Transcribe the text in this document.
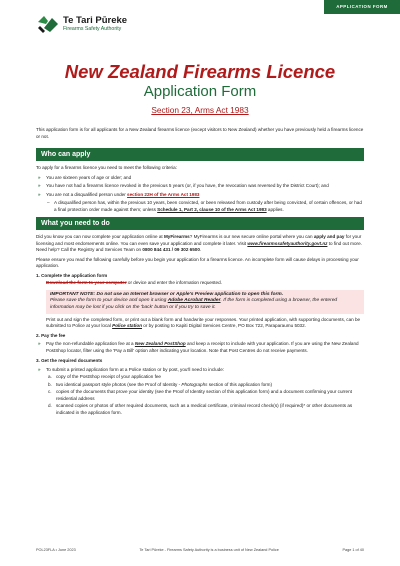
APPLICATION FORM
Te Tari Pūreke
Firearms Safety Authority
New Zealand Firearms Licence
Application Form
Section 23, Arms Act 1983

This application form is for all applicants for a New Zealand firearms licence (except visitors to New Zealand) whether you have previously held a firearms licence or not.

Who can apply

To apply for a firearms licence you need to meet the following criteria:

» You are sixteen years of age or older; and
» You have not had a firearms licence revoked in the previous 5 years (or, if you have, the revocation was reversed by the District Court); and
» You are not a disqualified person under section 22H of the Arms Act 1983
– A disqualified person has, within the previous 10 years, been convicted, or been released from custody after being convicted, of certain offences, or had a final protection order made against them; unless Schedule 1, Part 2, clause 10 of the Arms Act 1983 applies.
What you need to do

Did you know you can now complete your application online at MyFirearms? MyFirearms is our new secure online portal where you can apply and pay for your licensing and most endorsements online. You can even save your application and complete it later. Visit www.firearmssafetyauthority.govt.nz to find out more. Need help? Call the Registry and Services Team on 0800 844 431 / 09 302 6500.

Please ensure you read the following carefully before you begin your application for a firearms licence. An incomplete form will cause delays in processing your application.

1. Complete the application form

Download the form to your computer or device and enter the information requested.

IMPORTANT NOTE: Do not use an Internet browser or Apple's Preview application to open this form.
Please save the form to your device and open it using Adobe Acrobat Reader. If the form is completed using a browser, the entered information may be lost if you click on the 'back' button or if you try to save it.

Print out and sign the completed form, or print out a blank form and handwrite your responses. Your printed application, with supporting documents, can be submitted to Police at your local Police station or by posting to Kapiti Digital Services Centre, PO Box 722, Paraparaumu 5032.

2. Pay the fee
» Pay the non-refundable application fee at a New Zealand PostShop and keep a receipt to include with your application. If you are using the New Zealand PostShop locator, filter using the 'Pay a Bill' option after indicating your location. Note that Post Centres do not receive payments.
3. Get the required documents
» To submit a printed application form at a Police station or by post, you'll need to include:
a. copy of the PostShop receipt of your application fee
b. two identical passport style photos (see the Proof of Identity - Photographs section of this application form)
c. copies of the documents that prove your identity (see the Proof of Identity section of this application form) and a document confirming your current residential address
d. scanned copies or photos of other required documents, such as a medical certificate, criminal record check(s) (if required)* or other documents as indicated in the application form.
POL23FLA • June 2023	Te Tari Pūreke - Firearms Safety Authority is a business unit of New Zealand Police	Page 1 of 40
